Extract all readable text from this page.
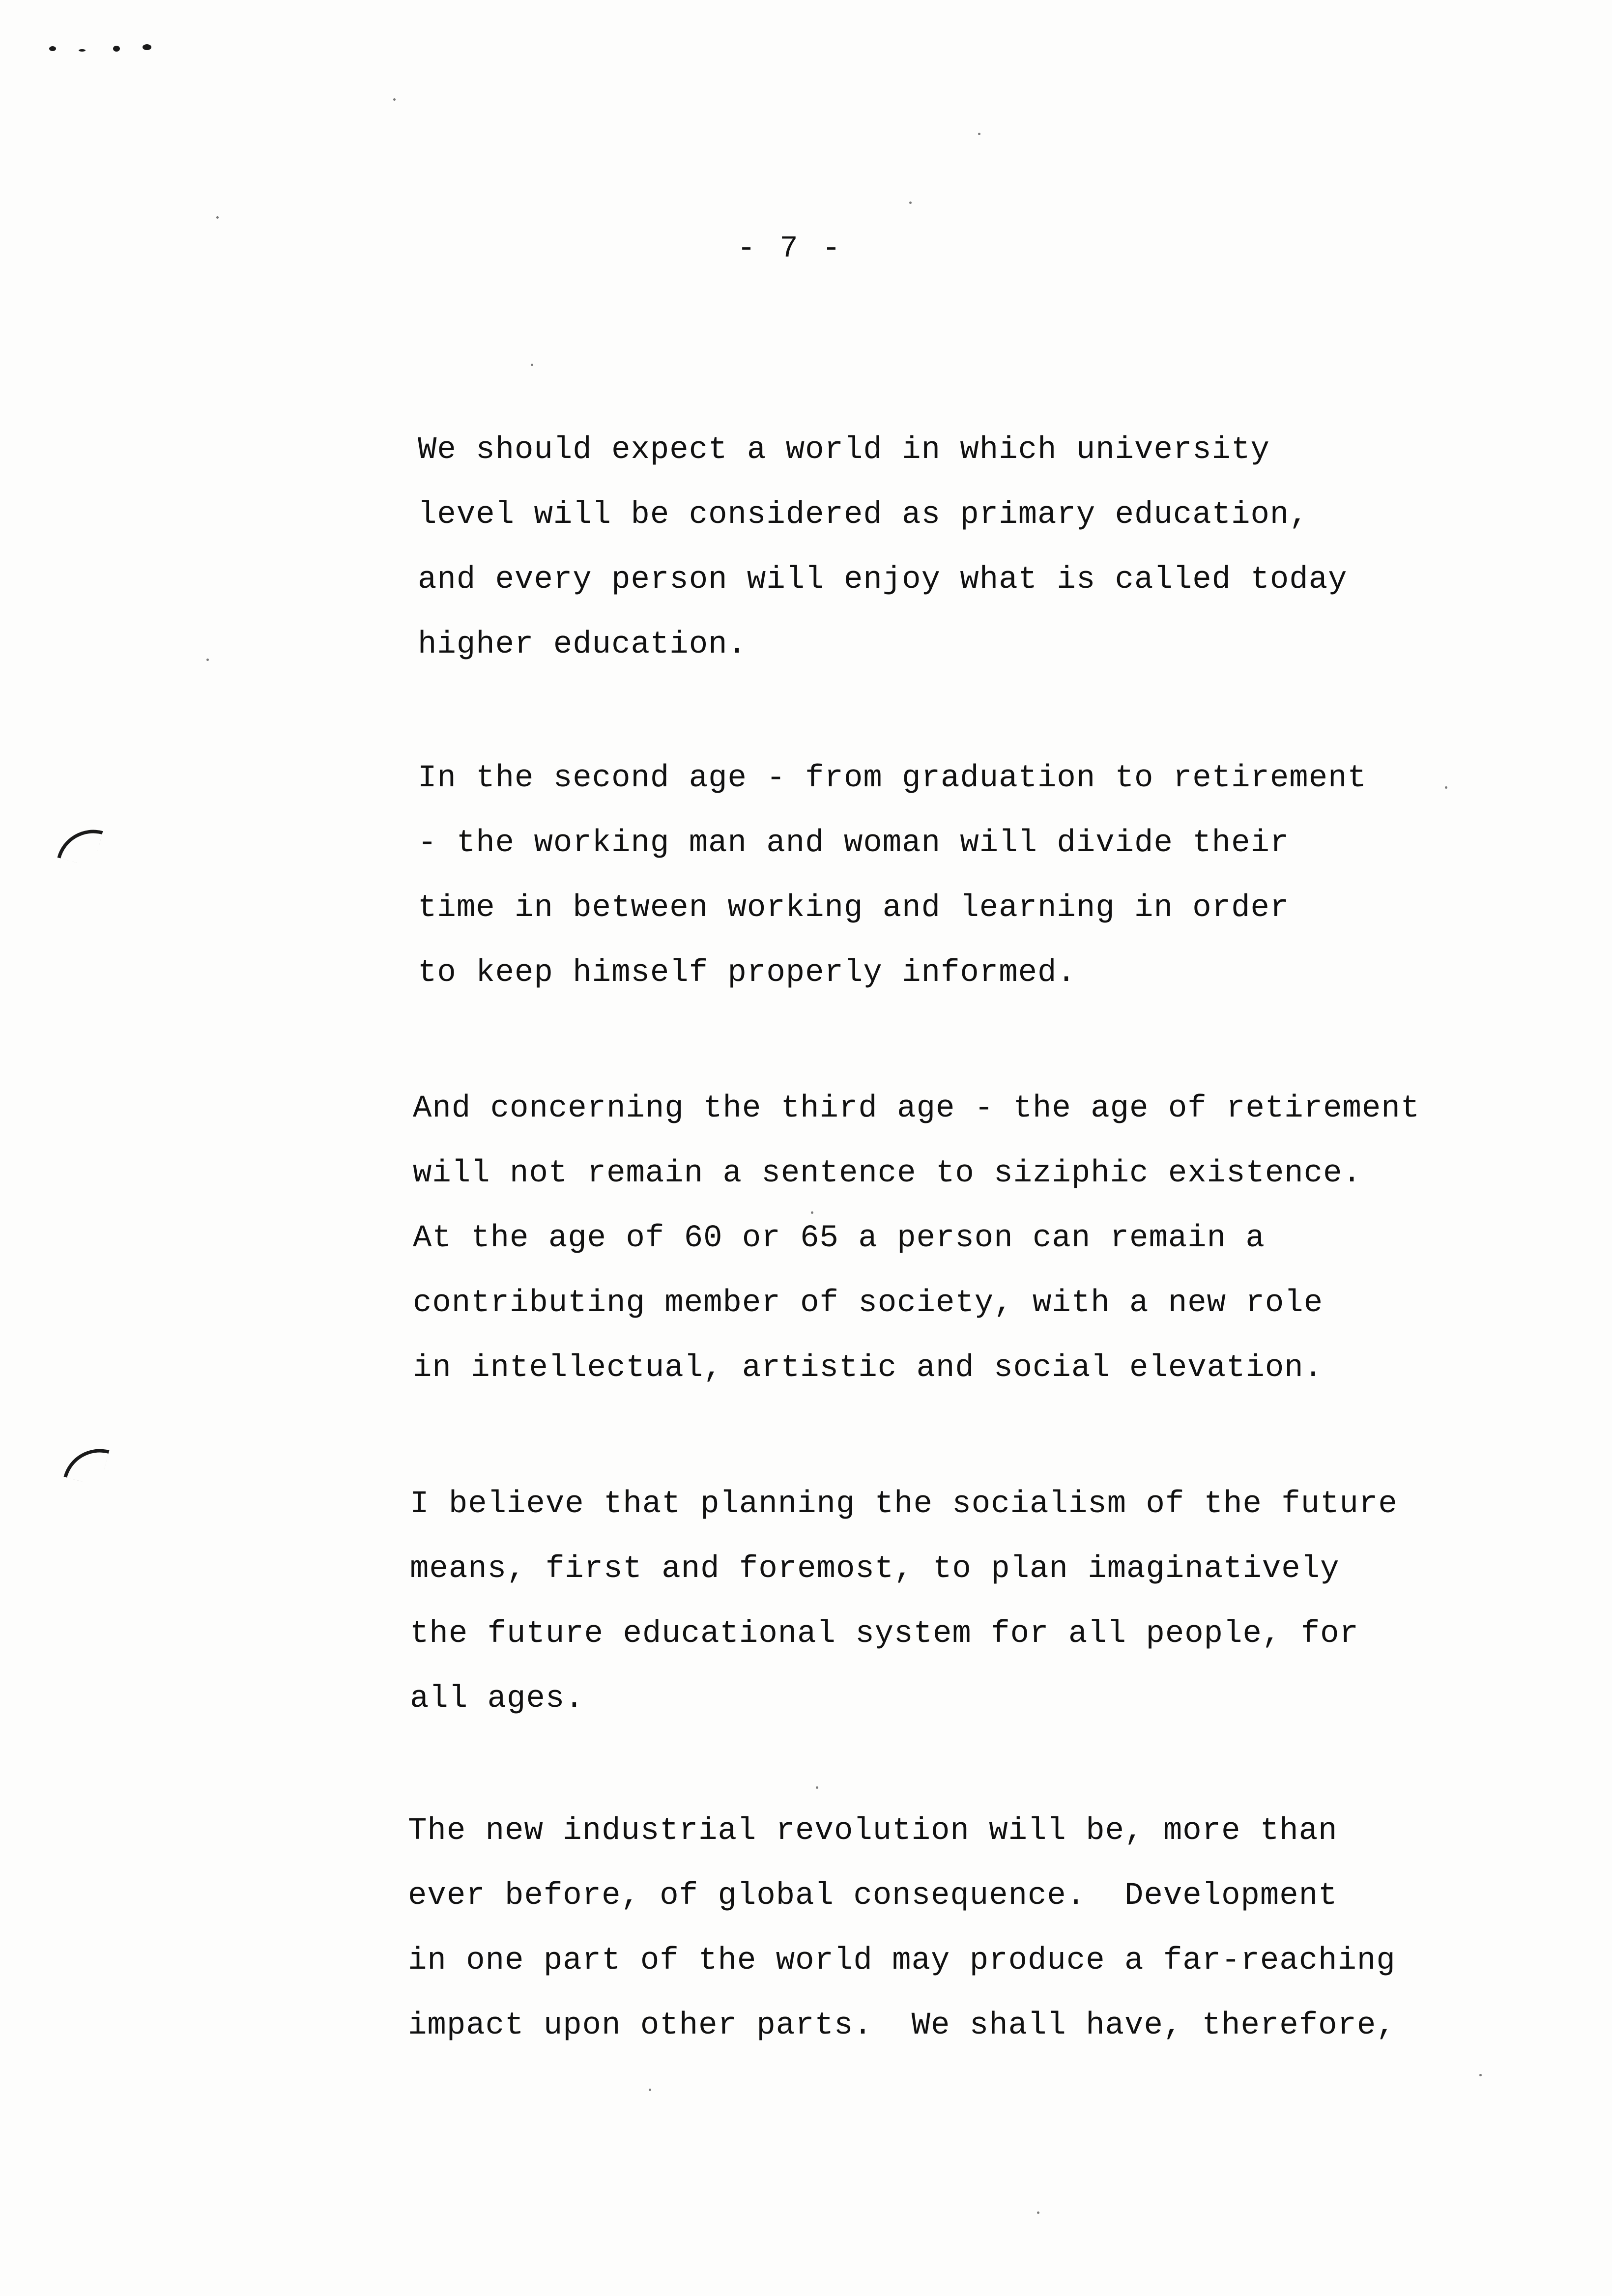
- 7 -
We should expect a world in which university
level will be considered as primary education,
and every person will enjoy what is called today
higher education.
In the second age - from graduation to retirement
- the working man and woman will divide their
time in between working and learning in order
to keep himself properly informed.
And concerning the third age - the age of retirement
will not remain a sentence to siziphic existence.
At the age of 60 or 65 a person can remain a
contributing member of society, with a new role
in intellectual, artistic and social elevation.
I believe that planning the socialism of the future
means, first and foremost, to plan imaginatively
the future educational system for all people, for
all ages.
The new industrial revolution will be, more than
ever before, of global consequence.  Development
in one part of the world may produce a far-reaching
impact upon other parts.  We shall have, therefore,
